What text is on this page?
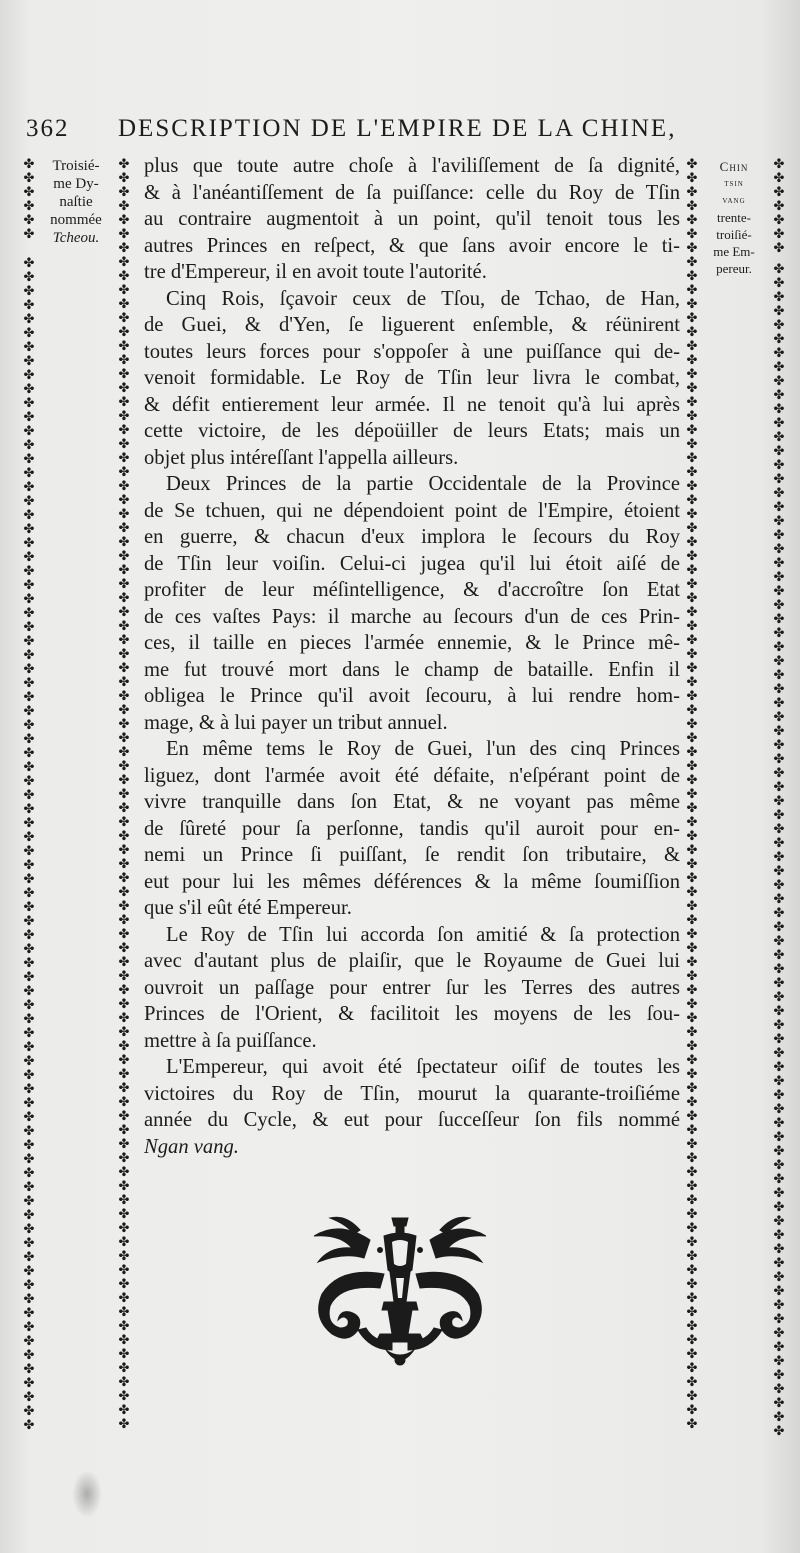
362 DESCRIPTION DE L'EMPIRE DE LA CHINE,
✤
✤
✤
✤
✤
✤
✤
✤
✤
✤
✤
✤
✤
✤
✤
✤
✤
✤
✤
✤
✤
✤
✤
✤
✤
✤
✤
✤
✤
✤
✤
✤
✤
✤
✤
✤
✤
✤
✤
✤
✤
✤
✤
✤
✤
✤
✤
✤
✤
✤
✤
✤
✤
✤
✤
✤
✤
✤
✤
✤
✤
✤
✤
✤
✤
✤
✤
✤
✤
✤
✤
✤
✤
✤
✤
✤
✤
✤
✤
✤
✤
✤
✤
✤
✤
✤
✤
✤
✤
✤
✤
✤
✤
✤
✤
✤
✤
✤
✤
✤
✤
✤
✤
✤
✤
✤
✤
✤
✤
✤
✤
✤
✤
✤
✤
✤
✤
✤
✤
✤
✤
✤
✤
✤
✤
✤
✤
✤
✤
✤
✤
✤
✤
✤
✤
✤
✤
✤
✤
✤
✤
✤
✤
✤
✤
✤
✤
✤
✤
✤
✤
✤
✤
✤
✤
✤
✤
✤
✤
✤
✤
✤
✤
✤
✤
✤
✤
✤
✤
✤
✤
✤
✤
✤
✤
✤
✤
✤
✤
✤
✤
✤
✤
✤
✤
✤
✤
✤
✤
✤
✤
✤
✤
✤
✤
✤
✤
✤
✤
✤
✤
✤
✤
✤
✤
✤
✤
✤
✤
✤
✤
✤
✤
✤
✤
✤
✤
✤
✤
✤
✤
✤
✤
✤
✤
✤
✤
✤
✤
✤
✤
✤
✤
✤
✤
✤
✤
✤
✤
✤
✤
✤
✤
✤
✤
✤
✤
✤
✤
✤
✤
✤
✤
✤
✤
✤
✤
✤
✤
✤
✤
✤
✤
✤
✤
✤
✤
✤
✤
✤
✤
✤
✤
✤
✤
✤
✤
✤
✤
✤
✤
✤
✤
✤
✤
✤
✤
✤
✤
✤
✤
✤
✤
✤
✤
✤
✤
✤
✤
✤
✤
✤
✤
✤
✤
✤
✤
✤
✤
✤
✤
✤
✤
✤
✤
✤
✤
✤
✤
✤
✤
✤
✤
✤
✤
✤
✤
✤
✤
✤
✤
✤
✤
✤
✤
✤
✤
✤
✤
✤
✤
✤
✤
✤
✤
✤
✤
✤
✤
✤
✤
✤
✤
✤
✤
✤
✤
✤
✤
✤
✤
✤
✤
Troisié-
me Dy-
naſtie
nommée
Tcheou.
Chin
tsin
vang
trente-
troiſié-
me Em-
pereur.
plus que toute autre choſe à l'aviliſſement de ſa dignité,
& à l'anéantiſſement de ſa puiſſance: celle du Roy de Tſin
au contraire augmentoit à un point, qu'il tenoit tous les
autres Princes en reſpect, & que ſans avoir encore le ti-
tre d'Empereur, il en avoit toute l'autorité.
Cinq Rois, ſçavoir ceux de Tſou, de Tchao, de Han,
de Guei, & d'Yen, ſe liguerent enſemble, & réünirent
toutes leurs forces pour s'oppoſer à une puiſſance qui de-
venoit formidable. Le Roy de Tſin leur livra le combat,
& défit entierement leur armée. Il ne tenoit qu'à lui après
cette victoire, de les dépoüiller de leurs Etats; mais un
objet plus intéreſſant l'appella ailleurs.
Deux Princes de la partie Occidentale de la Province
de Se tchuen, qui ne dépendoient point de l'Empire, étoient
en guerre, & chacun d'eux implora le ſecours du Roy
de Tſin leur voiſin. Celui-ci jugea qu'il lui étoit aiſé de
profiter de leur méſintelligence, & d'accroître ſon Etat
de ces vaſtes Pays: il marche au ſecours d'un de ces Prin-
ces, il taille en pieces l'armée ennemie, & le Prince mê-
me fut trouvé mort dans le champ de bataille. Enfin il
obligea le Prince qu'il avoit ſecouru, à lui rendre hom-
mage, & à lui payer un tribut annuel.
En même tems le Roy de Guei, l'un des cinq Princes
liguez, dont l'armée avoit été défaite, n'eſpérant point de
vivre tranquille dans ſon Etat, & ne voyant pas même
de ſûreté pour ſa perſonne, tandis qu'il auroit pour en-
nemi un Prince ſi puiſſant, ſe rendit ſon tributaire, &
eut pour lui les mêmes déférences & la même ſoumiſſion
que s'il eût été Empereur.
Le Roy de Tſin lui accorda ſon amitié & ſa protection
avec d'autant plus de plaiſir, que le Royaume de Guei lui
ouvroit un paſſage pour entrer ſur les Terres des autres
Princes de l'Orient, & facilitoit les moyens de les ſou-
mettre à ſa puiſſance.
L'Empereur, qui avoit été ſpectateur oiſif de toutes les
victoires du Roy de Tſin, mourut la quarante-troiſiéme
année du Cycle, & eut pour ſucceſſeur ſon fils nommé
Ngan vang.
